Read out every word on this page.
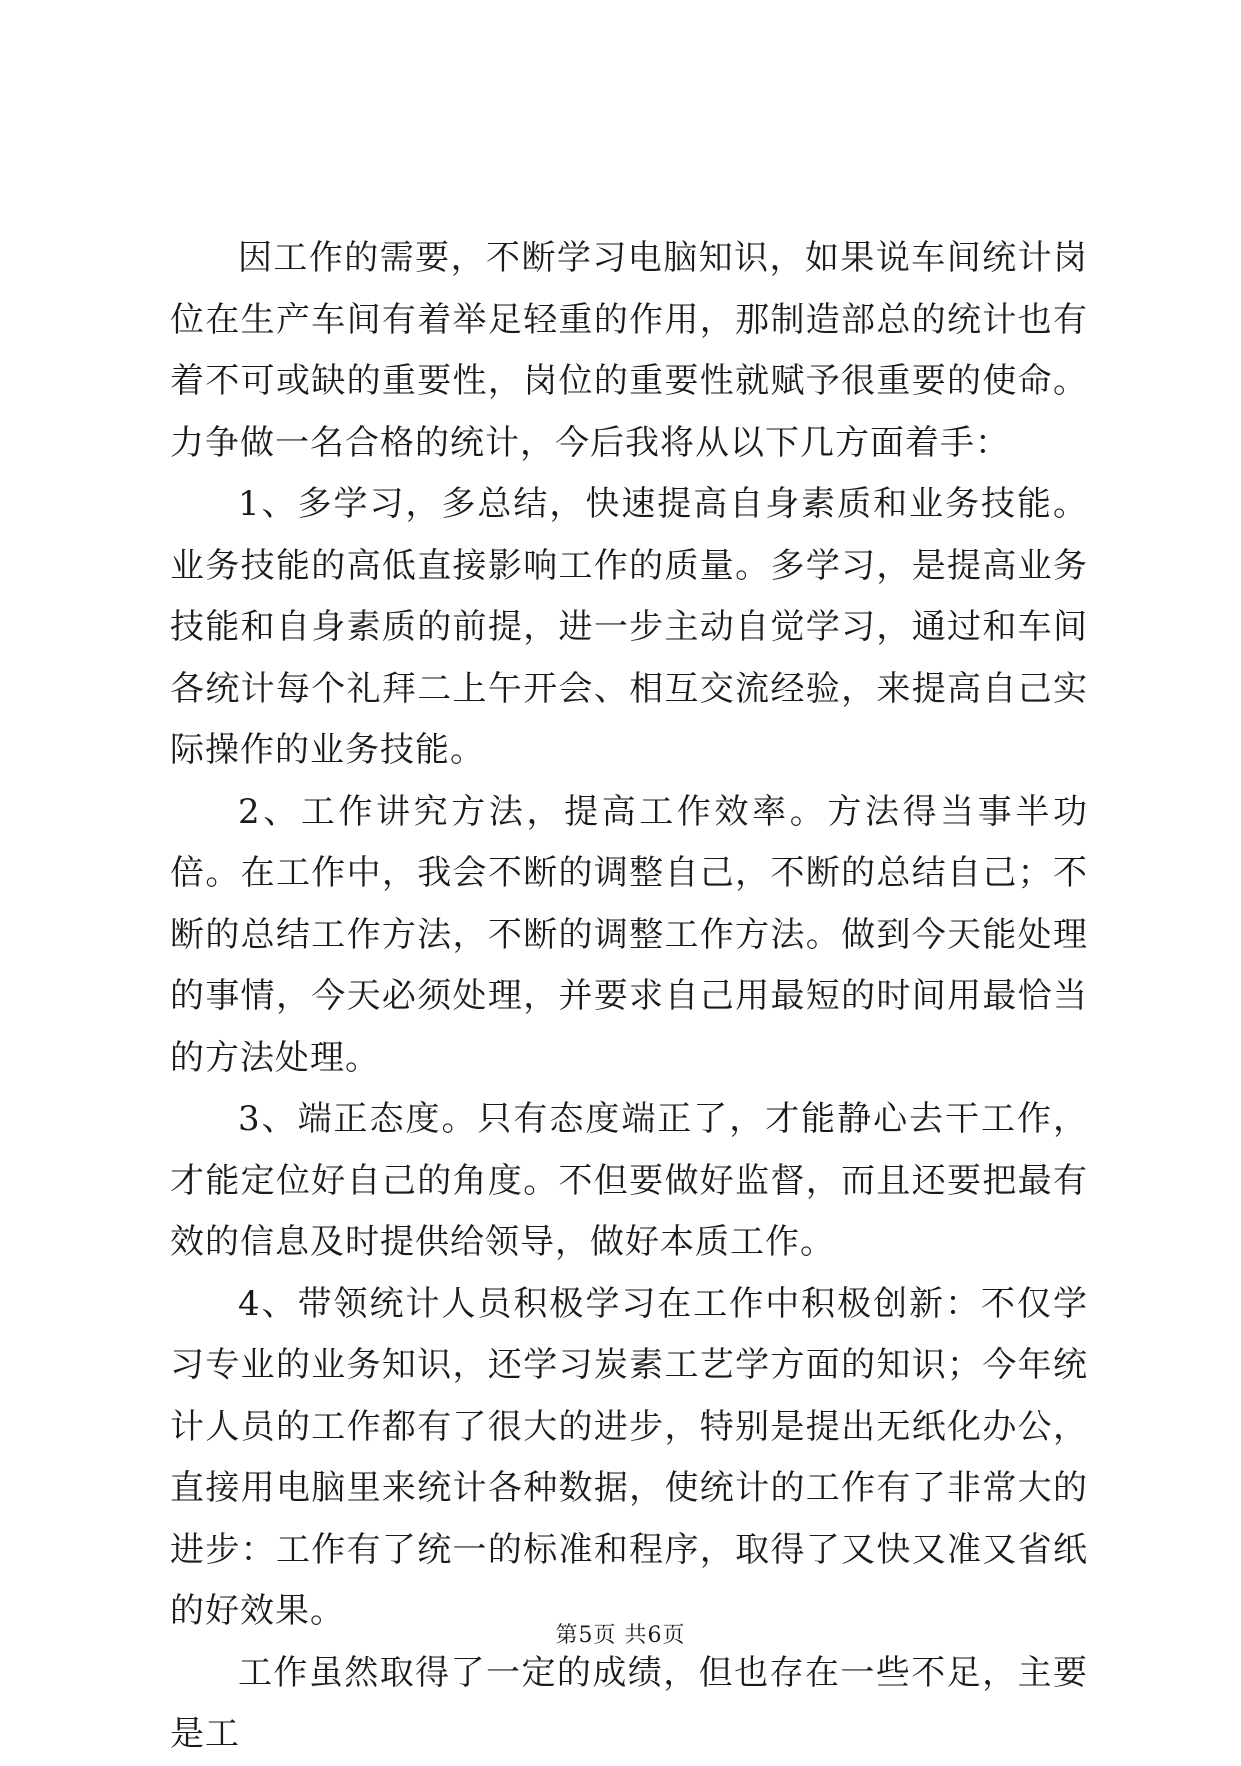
因工作的需要，不断学习电脑知识，如果说车间统计岗位在生产车间有着举足轻重的作用，那制造部总的统计也有着不可或缺的重要性，岗位的重要性就赋予很重要的使命。力争做一名合格的统计，今后我将从以下几方面着手：

1、多学习，多总结，快速提高自身素质和业务技能。业务技能的高低直接影响工作的质量。多学习，是提高业务技能和自身素质的前提，进一步主动自觉学习，通过和车间各统计每个礼拜二上午开会、相互交流经验，来提高自己实际操作的业务技能。

2、工作讲究方法，提高工作效率。方法得当事半功倍。在工作中，我会不断的调整自己，不断的总结自己；不断的总结工作方法，不断的调整工作方法。做到今天能处理的事情，今天必须处理，并要求自己用最短的时间用最恰当的方法处理。

3、端正态度。只有态度端正了，才能静心去干工作，才能定位好自己的角度。不但要做好监督，而且还要把最有效的信息及时提供给领导，做好本质工作。

4、带领统计人员积极学习在工作中积极创新：不仅学习专业的业务知识，还学习炭素工艺学方面的知识；今年统计人员的工作都有了很大的进步，特别是提出无纸化办公，直接用电脑里来统计各种数据，使统计的工作有了非常大的进步：工作有了统一的标准和程序，取得了又快又准又省纸的好效果。

工作虽然取得了一定的成绩，但也存在一些不足，主要是工

第5页 共6页
